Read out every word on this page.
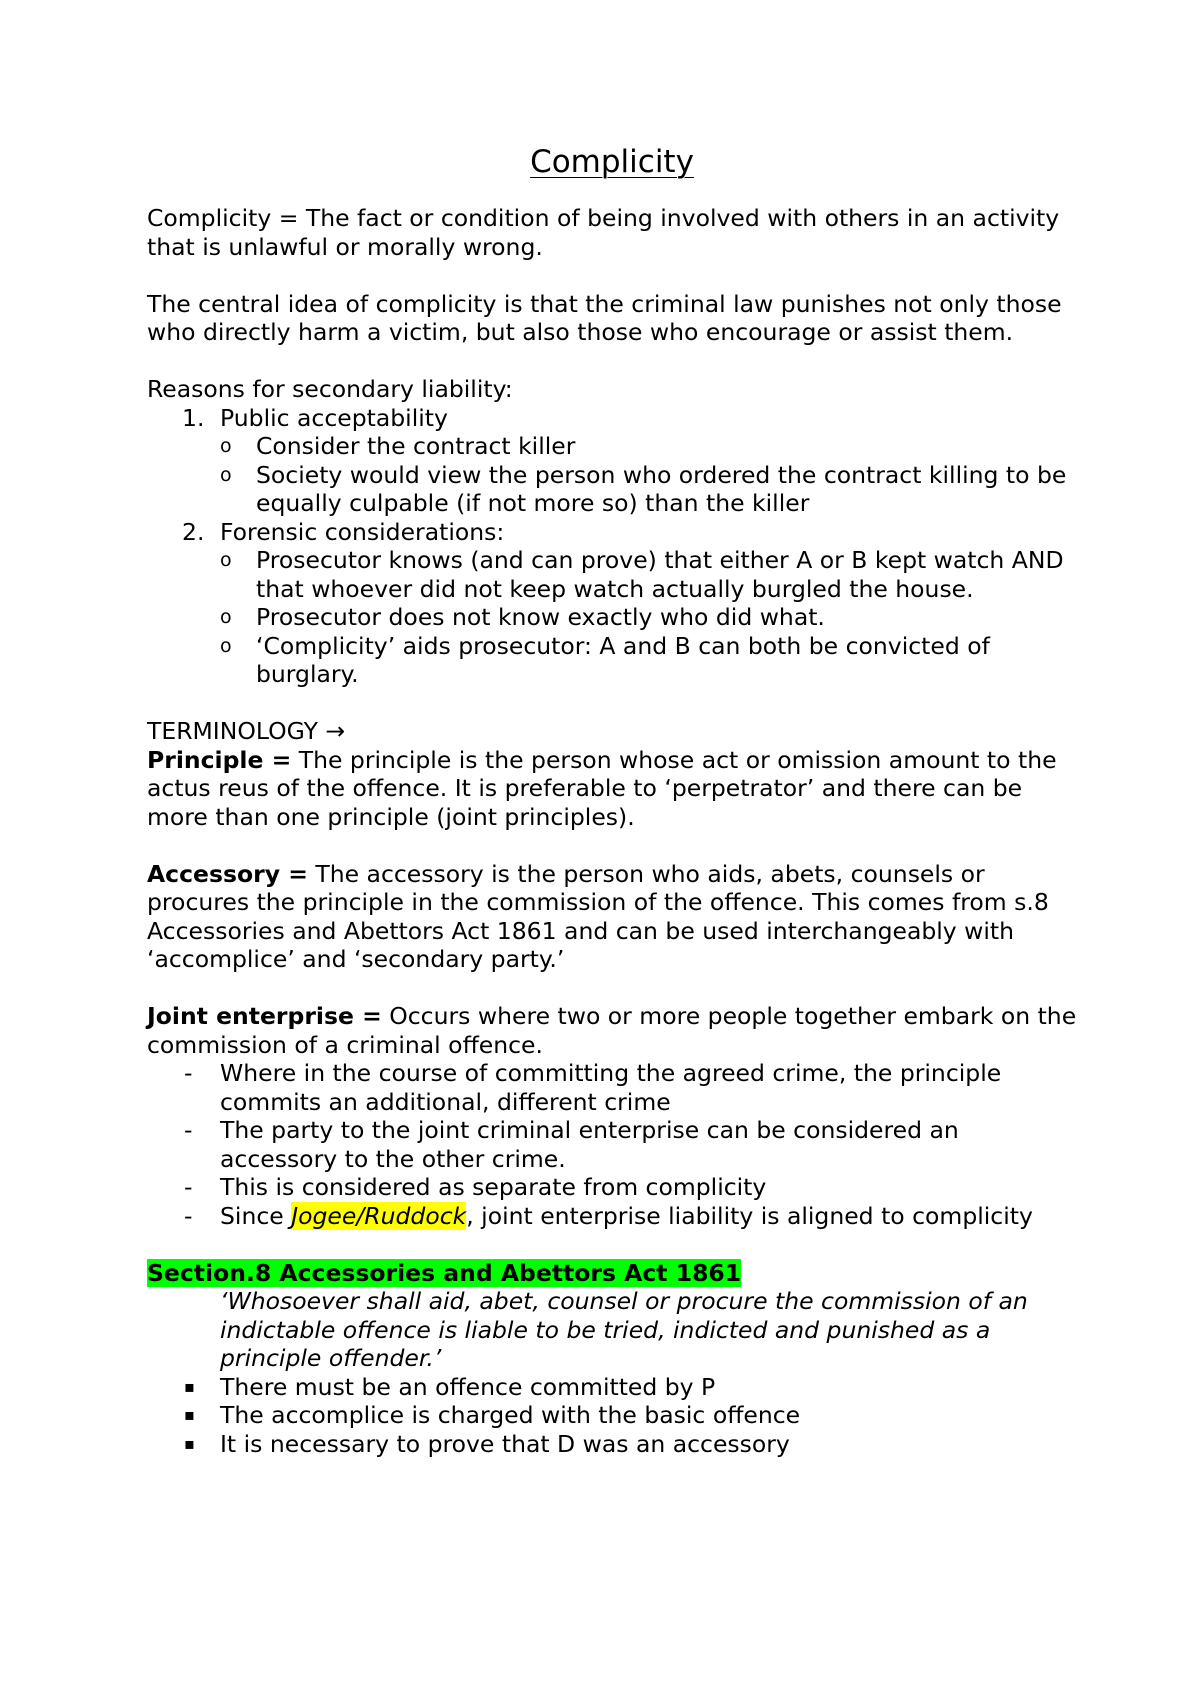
Complicity

Complicity = The fact or condition of being involved with others in an activity that is unlawful or morally wrong.

The central idea of complicity is that the criminal law punishes not only those who directly harm a victim, but also those who encourage or assist them.

Reasons for secondary liability:

1. Public acceptability
o Consider the contract killer
o Society would view the person who ordered the contract killing to be equally culpable (if not more so) than the killer
2. Forensic considerations:
o Prosecutor knows (and can prove) that either A or B kept watch AND that whoever did not keep watch actually burgled the house.
o Prosecutor does not know exactly who did what.
o ‘Complicity’ aids prosecutor: A and B can both be convicted of burglary.

TERMINOLOGY →

Principle = The principle is the person whose act or omission amount to the actus reus of the offence. It is preferable to ‘perpetrator’ and there can be more than one principle (joint principles).

Accessory = The accessory is the person who aids, abets, counsels or procures the principle in the commission of the offence. This comes from s.8 Accessories and Abettors Act 1861 and can be used interchangeably with ‘accomplice’ and ‘secondary party.’

Joint enterprise = Occurs where two or more people together embark on the commission of a criminal offence.

- Where in the course of committing the agreed crime, the principle commits an additional, different crime
- The party to the joint criminal enterprise can be considered an accessory to the other crime.
- This is considered as separate from complicity
- Since Jogee/Ruddock, joint enterprise liability is aligned to complicity

Section.8 Accessories and Abettors Act 1861

‘Whosoever shall aid, abet, counsel or procure the commission of an indictable offence is liable to be tried, indicted and punished as a principle offender.’

▪ There must be an offence committed by P
▪ The accomplice is charged with the basic offence
▪ It is necessary to prove that D was an accessory
